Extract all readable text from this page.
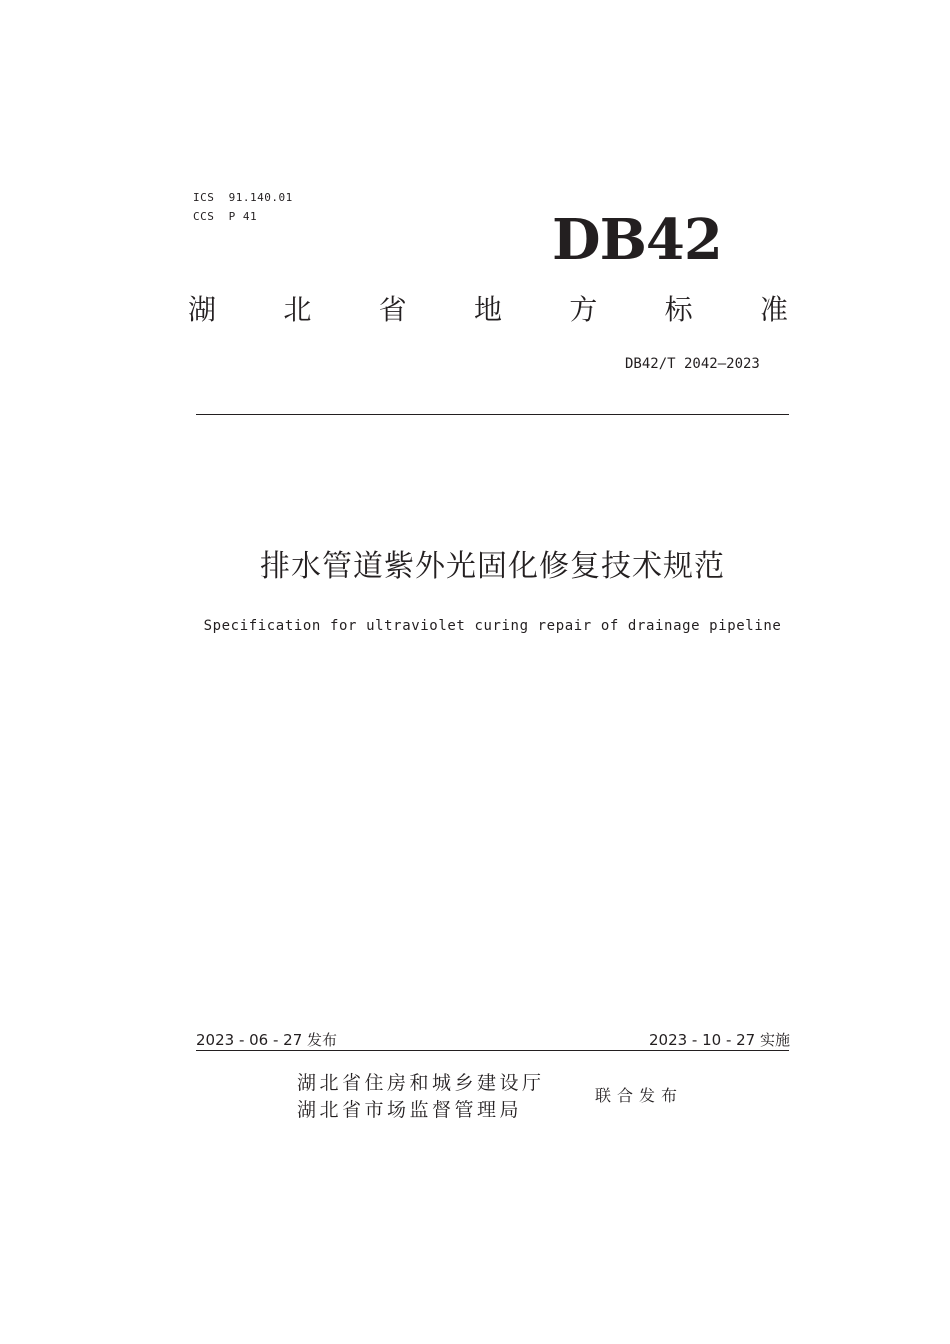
ICS  91.140.01
CCS  P 41	DB42
湖 北 省 地 方 标 准
DB42/T 2042—2023
排水管道紫外光固化修复技术规范
Specification for ultraviolet curing repair of drainage pipeline
2023 - 06 - 27 发布	2023 - 10 - 27 实施
湖北省住房和城乡建设厅
湖北省市场监督管理局
联合发布
